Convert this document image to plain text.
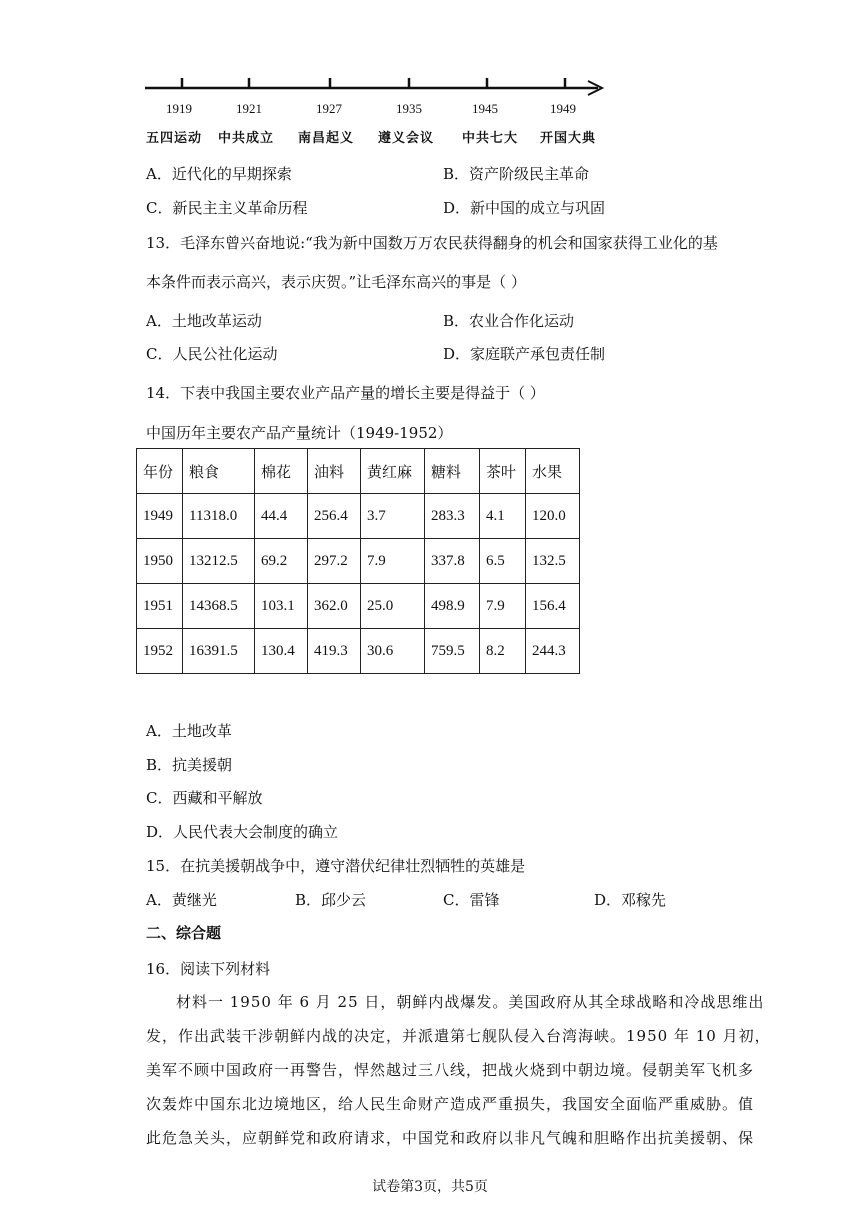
1919	1921	1927	1935	1945	1949
五四运动 中共成立 南昌起义 遵义会议 中共七大 开国大典
A．近代化的早期探索	B．资产阶级民主革命
C．新民主主义革命历程	D．新中国的成立与巩固
13．毛泽东曾兴奋地说:“我为新中国数万万农民获得翻身的机会和国家获得工业化的基
本条件而表示高兴，表示庆贺。”让毛泽东高兴的事是（ ）
A．土地改革运动	B．农业合作化运动
C．人民公社化运动	D．家庭联产承包责任制
14．下表中我国主要农业产品产量的增长主要是得益于（ ）
中国历年主要农产品产量统计（1949-1952）
年份	粮食	棉花	油料	黄红麻	糖料	茶叶	水果
1949	11318.0	44.4	256.4	3.7	283.3	4.1	120.0
1950	13212.5	69.2	297.2	7.9	337.8	6.5	132.5
1951	14368.5	103.1	362.0	25.0	498.9	7.9	156.4
1952	16391.5	130.4	419.3	30.6	759.5	8.2	244.3
A．土地改革
B．抗美援朝
C．西藏和平解放
D．人民代表大会制度的确立
15．在抗美援朝战争中，遵守潜伏纪律壮烈牺牲的英雄是
A．黄继光	B．邱少云	C．雷锋	D．邓稼先
二、综合题
16．阅读下列材料
材料一 1950 年 6 月 25 日，朝鲜内战爆发。美国政府从其全球战略和冷战思维出
发，作出武装干涉朝鲜内战的决定，并派遣第七舰队侵入台湾海峡。1950 年 10 月初，
美军不顾中国政府一再警告，悍然越过三八线，把战火烧到中朝边境。侵朝美军飞机多
次轰炸中国东北边境地区，给人民生命财产造成严重损失，我国安全面临严重威胁。值
此危急关头，应朝鲜党和政府请求，中国党和政府以非凡气魄和胆略作出抗美援朝、保
试卷第3页，共5页
